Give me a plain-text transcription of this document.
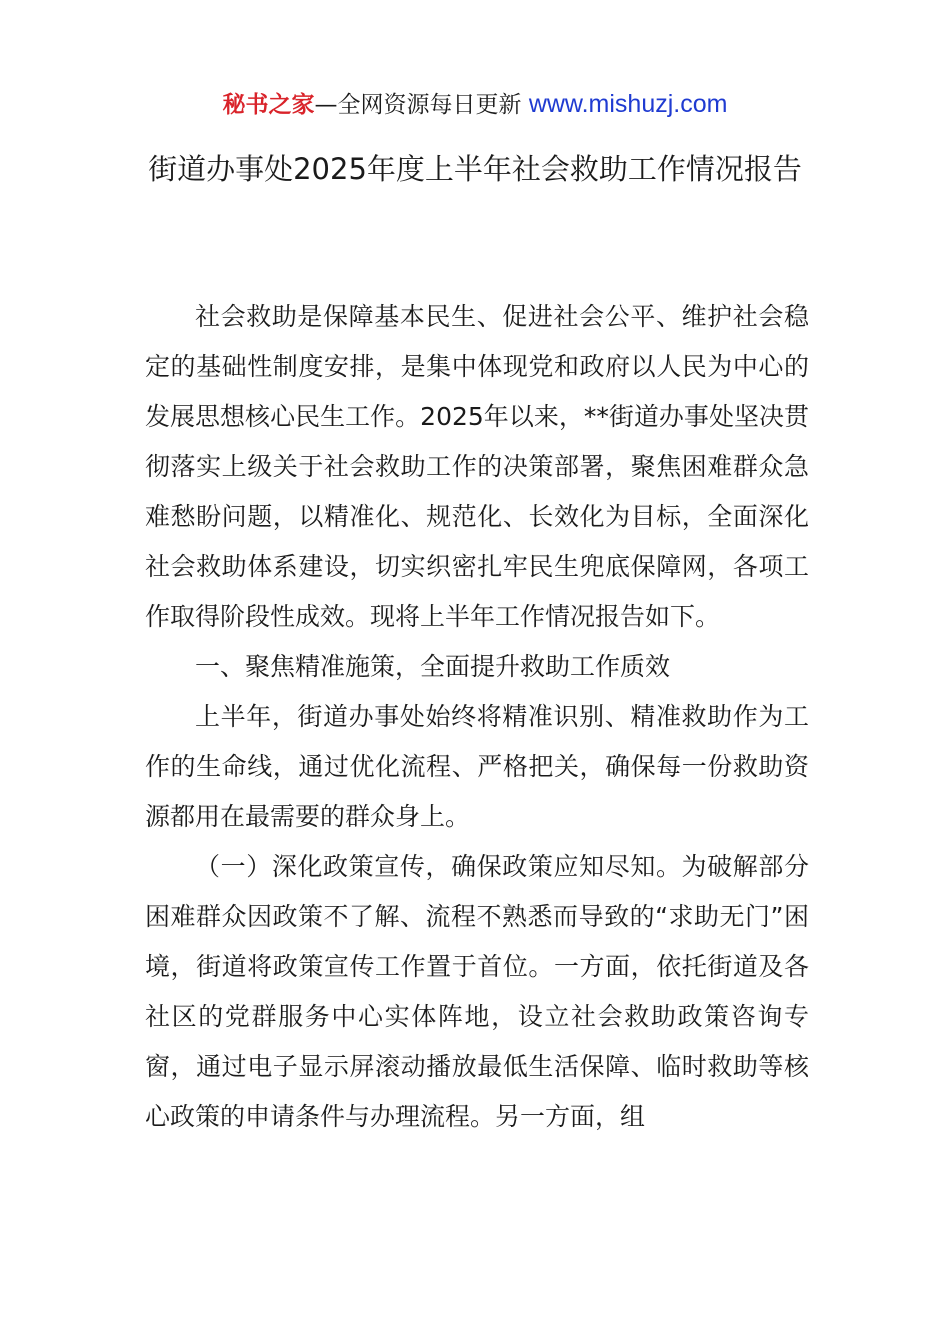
秘书之家—全网资源每日更新 www.mishuzj.com
街道办事处2025年度上半年社会救助工作情况报告

社会救助是保障基本民生、促进社会公平、维护社会稳定的基础性制度安排，是集中体现党和政府以人民为中心的发展思想核心民生工作。2025年以来，**街道办事处坚决贯彻落实上级关于社会救助工作的决策部署，聚焦困难群众急难愁盼问题，以精准化、规范化、长效化为目标，全面深化社会救助体系建设，切实织密扎牢民生兜底保障网，各项工作取得阶段性成效。现将上半年工作情况报告如下。

一、聚焦精准施策，全面提升救助工作质效

上半年，街道办事处始终将精准识别、精准救助作为工作的生命线，通过优化流程、严格把关，确保每一份救助资源都用在最需要的群众身上。

（一）深化政策宣传，确保政策应知尽知。为破解部分困难群众因政策不了解、流程不熟悉而导致的“求助无门”困境，街道将政策宣传工作置于首位。一方面，依托街道及各社区的党群服务中心实体阵地，设立社会救助政策咨询专窗，通过电子显示屏滚动播放最低生活保障、临时救助等核心政策的申请条件与办理流程。另一方面，组
